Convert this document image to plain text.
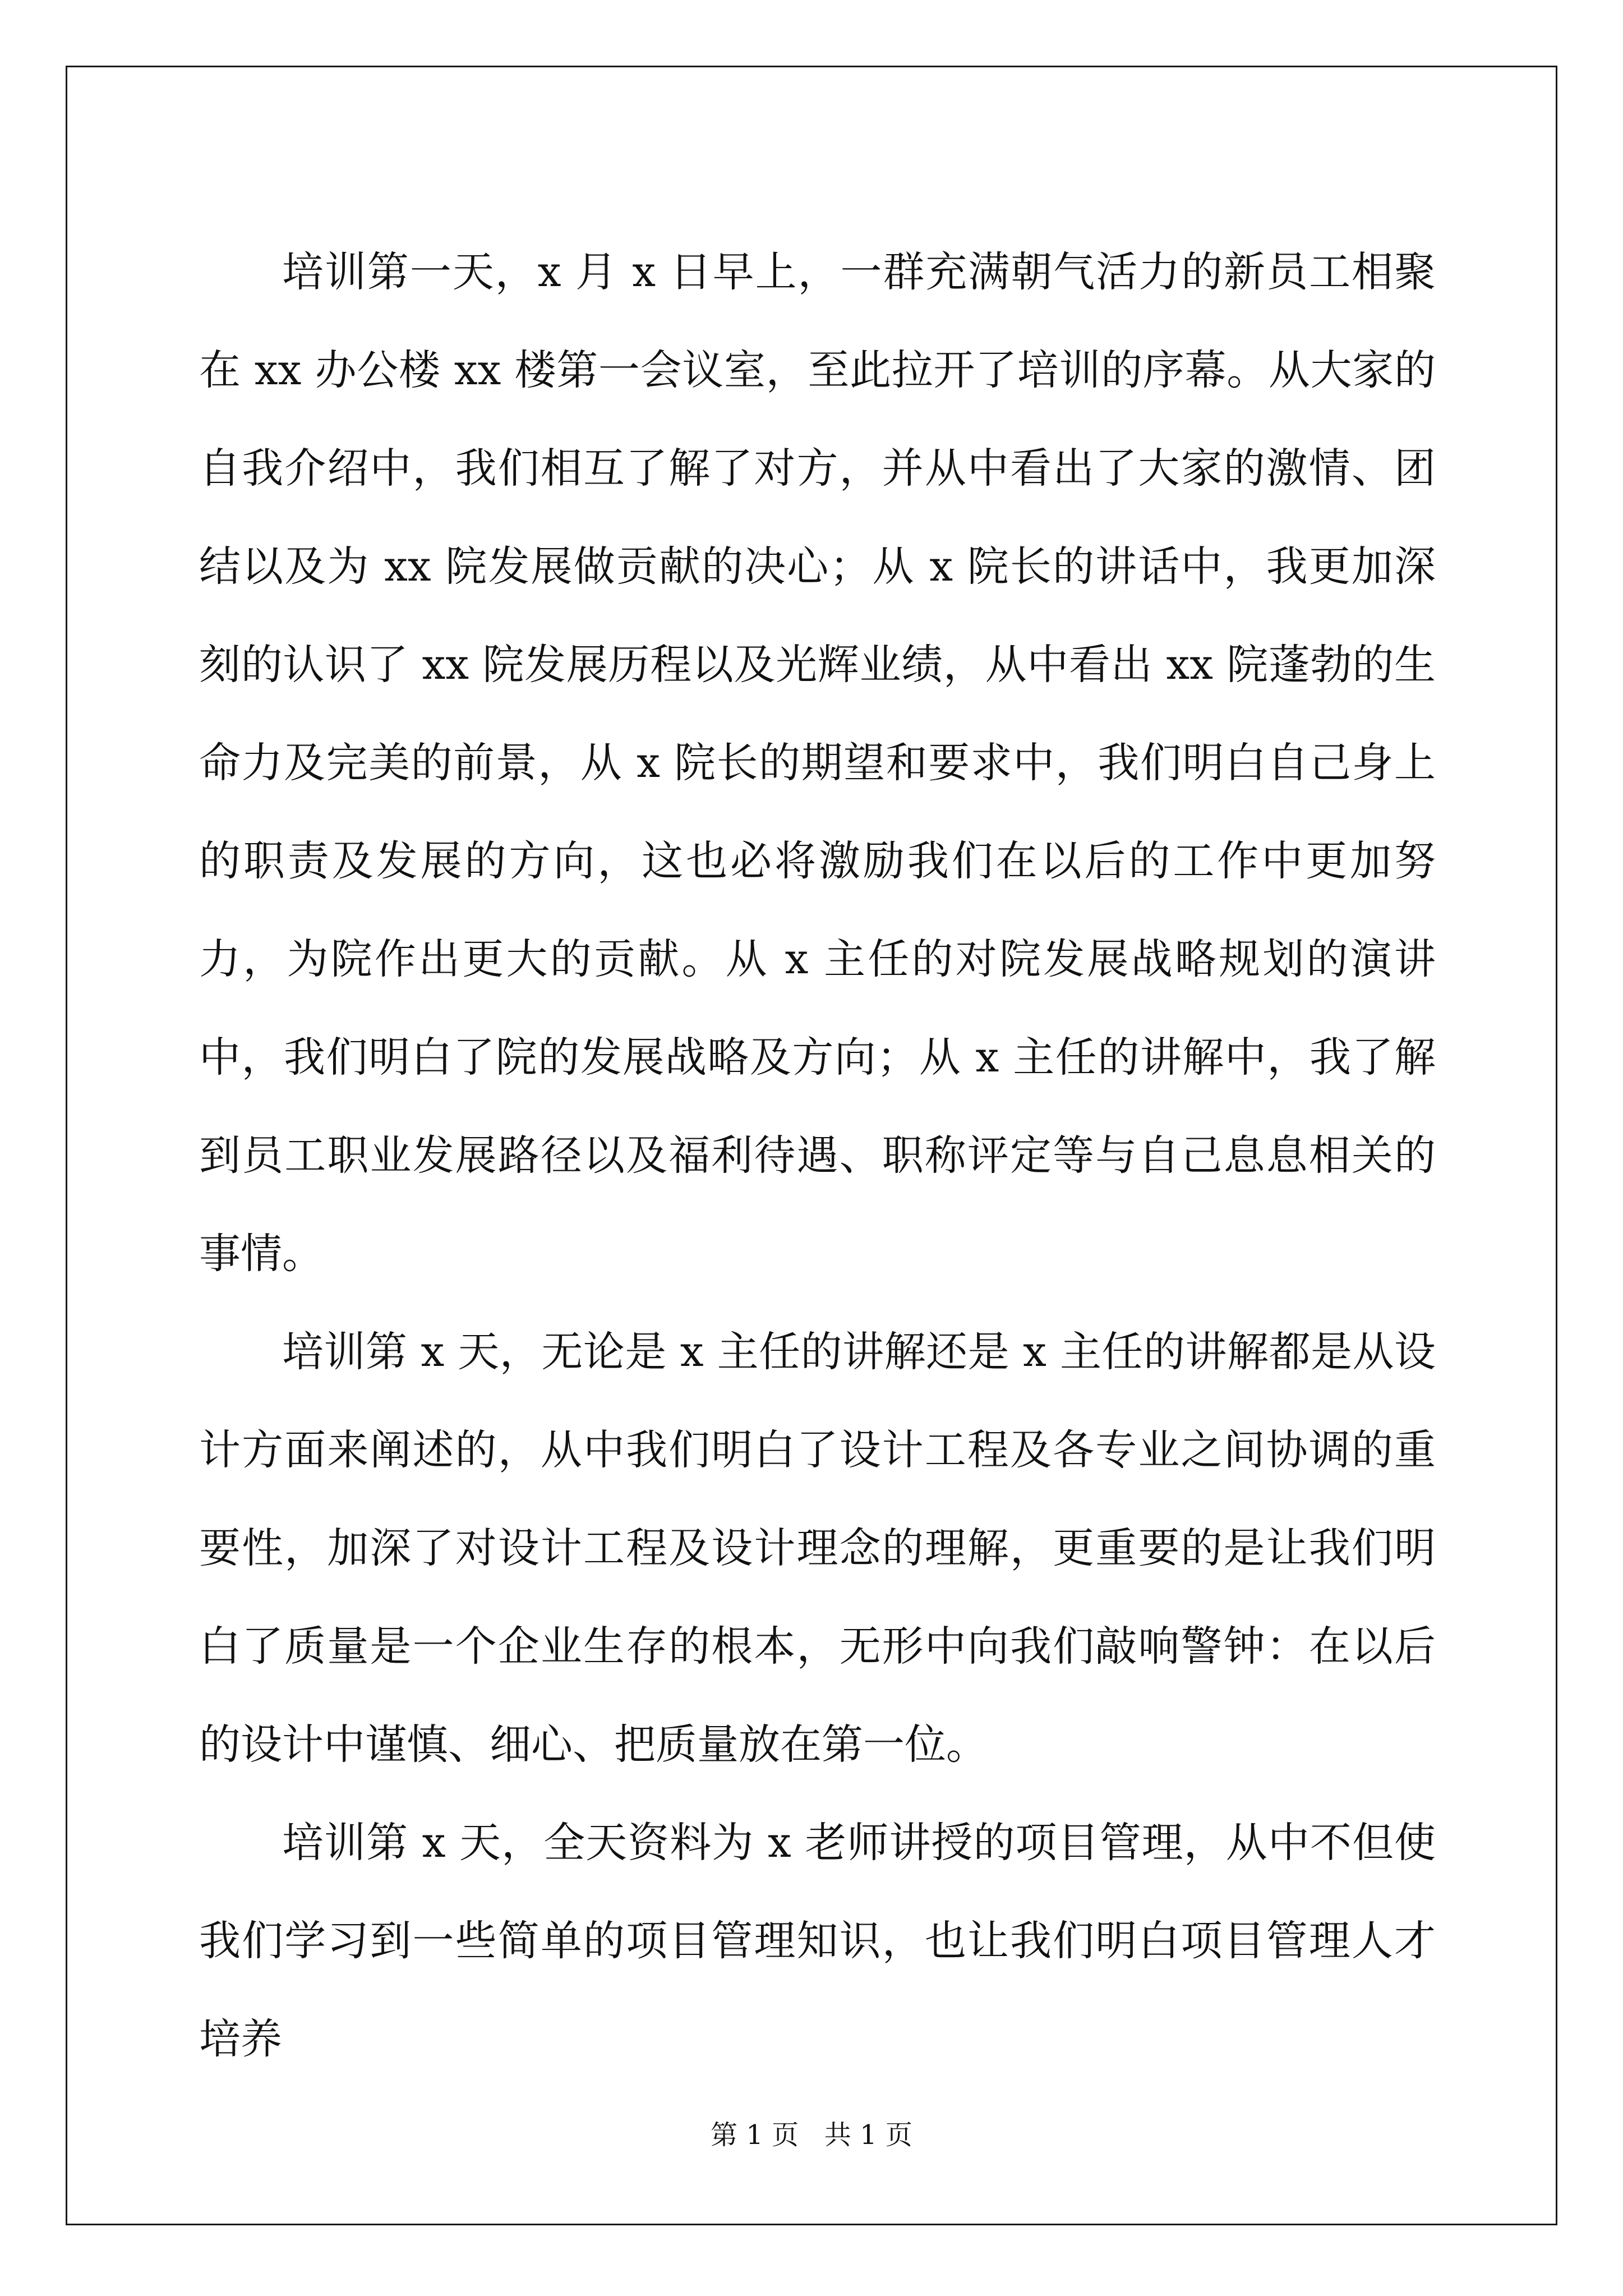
培训第一天，x 月 x 日早上，一群充满朝气活力的新员工相聚在 xx 办公楼 xx 楼第一会议室，至此拉开了培训的序幕。从大家的自我介绍中，我们相互了解了对方，并从中看出了大家的激情、团结以及为 xx 院发展做贡献的决心；从 x 院长的讲话中，我更加深刻的认识了 xx 院发展历程以及光辉业绩，从中看出 xx 院蓬勃的生命力及完美的前景，从 x 院长的期望和要求中，我们明白自己身上的职责及发展的方向，这也必将激励我们在以后的工作中更加努力，为院作出更大的贡献。从 x 主任的对院发展战略规划的演讲中，我们明白了院的发展战略及方向；从 x 主任的讲解中，我了解到员工职业发展路径以及福利待遇、职称评定等与自己息息相关的事情。

培训第 x 天，无论是 x 主任的讲解还是 x 主任的讲解都是从设计方面来阐述的，从中我们明白了设计工程及各专业之间协调的重要性，加深了对设计工程及设计理念的理解，更重要的是让我们明白了质量是一个企业生存的根本，无形中向我们敲响警钟：在以后的设计中谨慎、细心、把质量放在第一位。

培训第 x 天，全天资料为 x 老师讲授的项目管理，从中不但使我们学习到一些简单的项目管理知识，也让我们明白项目管理人才培养

第 1 页   共 1 页
